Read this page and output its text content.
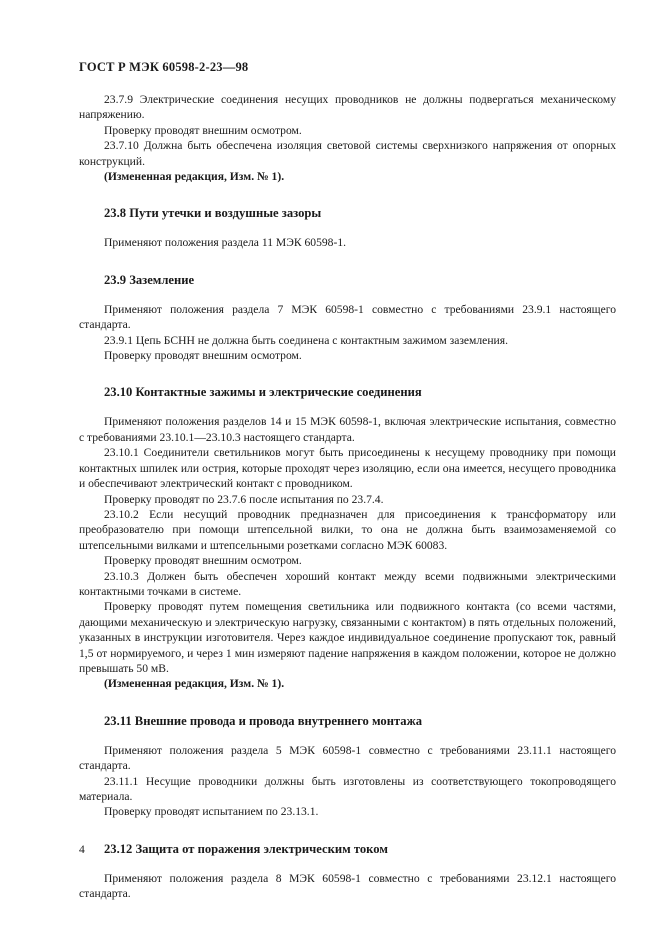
ГОСТ Р МЭК 60598-2-23—98

23.7.9 Электрические соединения несущих проводников не должны подвергаться механическому напряжению.

Проверку проводят внешним осмотром.

23.7.10 Должна быть обеспечена изоляция световой системы сверхнизкого напряжения от опорных конструкций.

(Измененная редакция, Изм. № 1).

23.8 Пути утечки и воздушные зазоры

Применяют положения раздела 11 МЭК 60598-1.

23.9 Заземление

Применяют положения раздела 7 МЭК 60598-1 совместно с требованиями 23.9.1 настоящего стандарта.

23.9.1 Цепь БСНН не должна быть соединена с контактным зажимом заземления.

Проверку проводят внешним осмотром.

23.10 Контактные зажимы и электрические соединения

Применяют положения разделов 14 и 15 МЭК 60598-1, включая электрические испытания, совместно с требованиями 23.10.1—23.10.3 настоящего стандарта.

23.10.1 Соединители светильников могут быть присоединены к несущему проводнику при помощи контактных шпилек или острия, которые проходят через изоляцию, если она имеется, несущего проводника и обеспечивают электрический контакт с проводником.

Проверку проводят по 23.7.6 после испытания по 23.7.4.

23.10.2 Если несущий проводник предназначен для присоединения к трансформатору или преобразователю при помощи штепсельной вилки, то она не должна быть взаимозаменяемой со штепсельными вилками и штепсельными розетками согласно МЭК 60083.

Проверку проводят внешним осмотром.

23.10.3 Должен быть обеспечен хороший контакт между всеми подвижными электрическими контактными точками в системе.

Проверку проводят путем помещения светильника или подвижного контакта (со всеми частями, дающими механическую и электрическую нагрузку, связанными с контактом) в пять отдельных положений, указанных в инструкции изготовителя. Через каждое индивидуальное соединение пропускают ток, равный 1,5 от нормируемого, и через 1 мин измеряют падение напряжения в каждом положении, которое не должно превышать 50 мВ.

(Измененная редакция, Изм. № 1).

23.11 Внешние провода и провода внутреннего монтажа

Применяют положения раздела 5 МЭК 60598-1 совместно с требованиями 23.11.1 настоящего стандарта.

23.11.1 Несущие проводники должны быть изготовлены из соответствующего токопроводящего материала.

Проверку проводят испытанием по 23.13.1.

23.12 Защита от поражения электрическим током

Применяют положения раздела 8 МЭК 60598-1 совместно с требованиями 23.12.1 настоящего стандарта.

4
